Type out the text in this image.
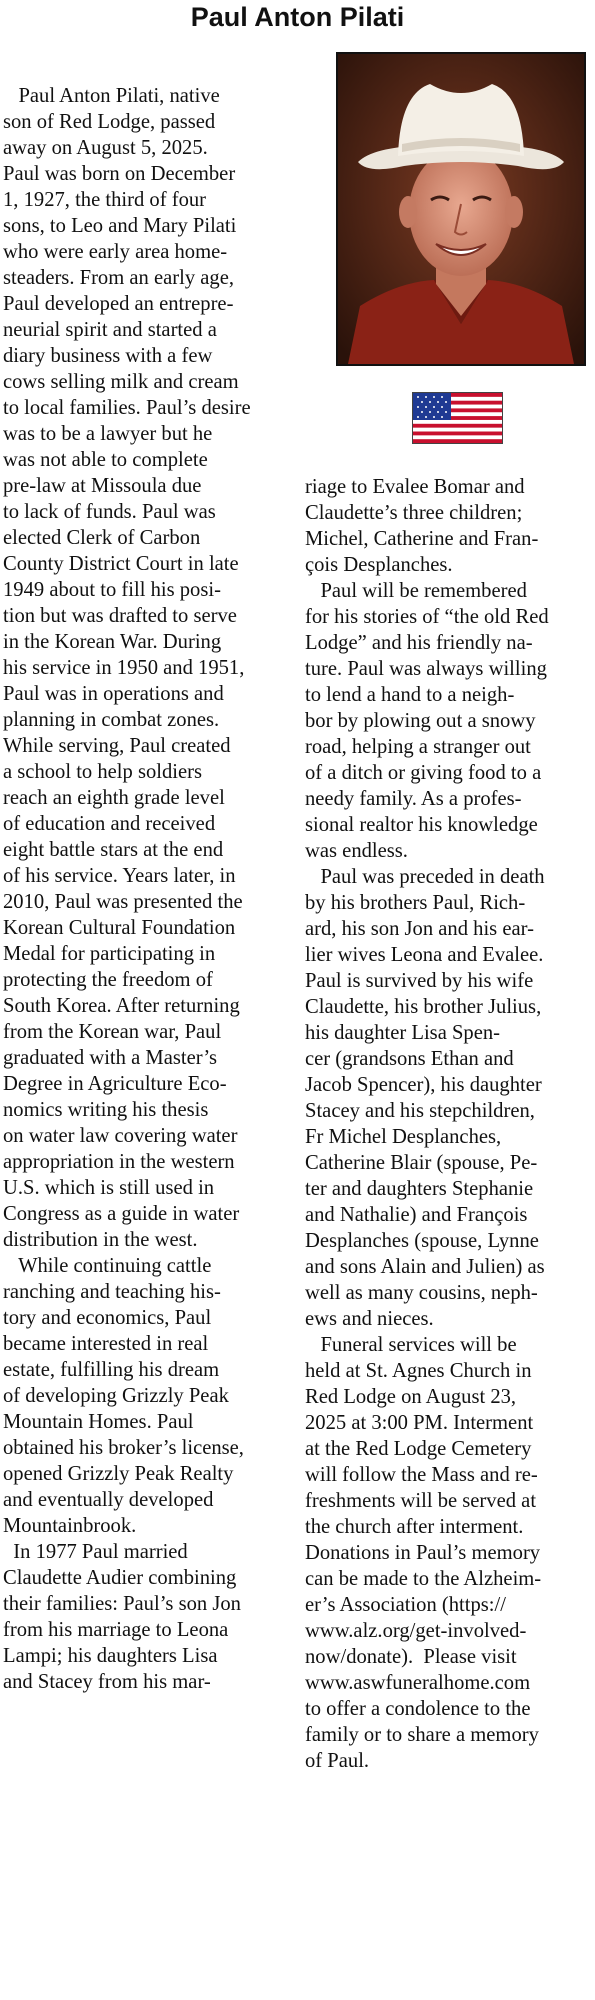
Paul Anton Pilati

Paul Anton Pilati, native

son of Red Lodge, passed

away on August 5, 2025.

Paul was born on December

1, 1927, the third of four

sons, to Leo and Mary Pilati

who were early area home-

steaders. From an early age,

Paul developed an entrepre-

neurial spirit and started a

diary business with a few

cows selling milk and cream

to local families. Paul’s desire

was to be a lawyer but he

was not able to complete

pre-law at Missoula due

to lack of funds. Paul was

elected Clerk of Carbon

County District Court in late

1949 about to fill his posi-

tion but was drafted to serve

in the Korean War. During

his service in 1950 and 1951,

Paul was in operations and

planning in combat zones.

While serving, Paul created

a school to help soldiers

reach an eighth grade level

of education and received

eight battle stars at the end

of his service. Years later, in

2010, Paul was presented the

Korean Cultural Foundation

Medal for participating in

protecting the freedom of

South Korea. After returning

from the Korean war, Paul

graduated with a Master’s

Degree in Agriculture Eco-

nomics writing his thesis

on water law covering water

appropriation in the western

U.S. which is still used in

Congress as a guide in water

distribution in the west.

While continuing cattle

ranching and teaching his-

tory and economics, Paul

became interested in real

estate, fulfilling his dream

of developing Grizzly Peak

Mountain Homes. Paul

obtained his broker’s license,

opened Grizzly Peak Realty

and eventually developed

Mountainbrook.

In 1977 Paul married

Claudette Audier combining

their families: Paul’s son Jon

from his marriage to Leona

Lampi; his daughters Lisa

and Stacey from his mar-

riage to Evalee Bomar and

Claudette’s three children;

Michel, Catherine and Fran-

çois Desplanches.

Paul will be remembered

for his stories of “the old Red

Lodge” and his friendly na-

ture. Paul was always willing

to lend a hand to a neigh-

bor by plowing out a snowy

road, helping a stranger out

of a ditch or giving food to a

needy family. As a profes-

sional realtor his knowledge

was endless.

Paul was preceded in death

by his brothers Paul, Rich-

ard, his son Jon and his ear-

lier wives Leona and Evalee.

Paul is survived by his wife

Claudette, his brother Julius,

his daughter Lisa Spen-

cer (grandsons Ethan and

Jacob Spencer), his daughter

Stacey and his stepchildren,

Fr Michel Desplanches,

Catherine Blair (spouse, Pe-

ter and daughters Stephanie

and Nathalie) and François

Desplanches (spouse, Lynne

and sons Alain and Julien) as

well as many cousins, neph-

ews and nieces.

Funeral services will be

held at St. Agnes Church in

Red Lodge on August 23,

2025 at 3:00 PM. Interment

at the Red Lodge Cemetery

will follow the Mass and re-

freshments will be served at

the church after interment.

Donations in Paul’s memory

can be made to the Alzheim-

er’s Association (https://

www.alz.org/get-involved-

now/donate).  Please visit

www.aswfuneralhome.com

to offer a condolence to the

family or to share a memory

of Paul.
